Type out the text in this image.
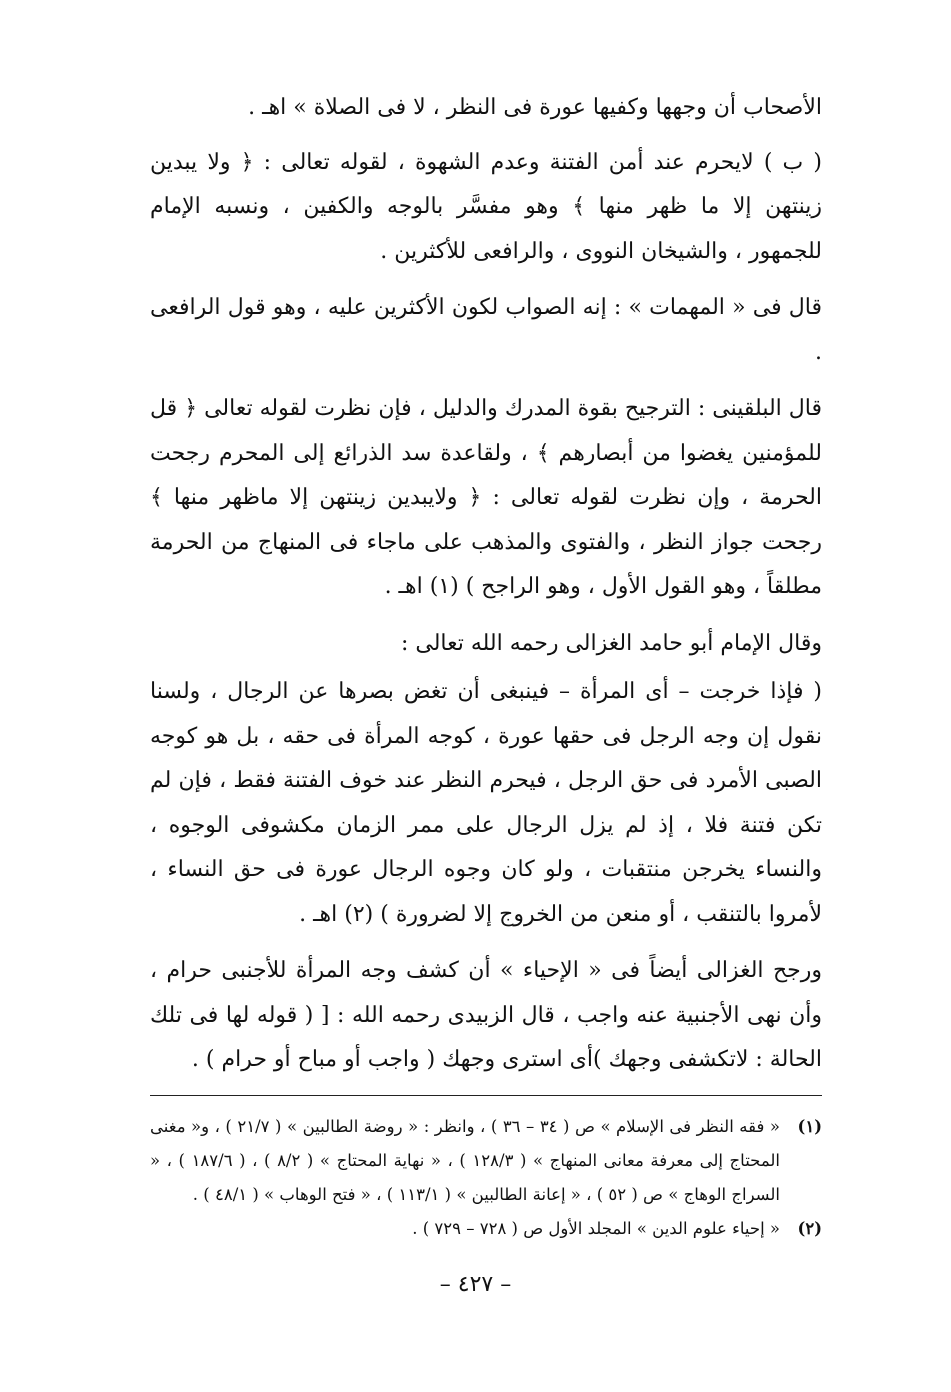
الأصحاب أن وجهها وكفيها عورة فى النظر ، لا فى الصلاة » اهـ .

( ب ) لايحرم عند أمن الفتنة وعدم الشهوة ، لقوله تعالى : ﴿ ولا يبدين زينتهن إلا ما ظهر منها ﴾ وهو مفسَّر بالوجه والكفين ، ونسبه الإمام للجمهور ، والشيخان النووى ، والرافعى للأكثرين .

قال فى « المهمات » : إنه الصواب لكون الأكثرين عليه ، وهو قول الرافعى .

قال البلقينى : الترجيح بقوة المدرك والدليل ، فإن نظرت لقوله تعالى ﴿ قل للمؤمنين يغضوا من أبصارهم ﴾ ، ولقاعدة سد الذرائع إلى المحرم رجحت الحرمة ، وإن نظرت لقوله تعالى : ﴿ ولايبدين زينتهن إلا ماظهر منها ﴾ رجحت جواز النظر ، والفتوى والمذهب على ماجاء فى المنهاج من الحرمة مطلقاً ، وهو القول الأول ، وهو الراجح ) (١) اهـ .

وقال الإمام أبو حامد الغزالى رحمه الله تعالى :

( فإذا خرجت – أى المرأة – فينبغى أن تغض بصرها عن الرجال ، ولسنا نقول إن وجه الرجل فى حقها عورة ، كوجه المرأة فى حقه ، بل هو كوجه الصبى الأمرد فى حق الرجل ، فيحرم النظر عند خوف الفتنة فقط ، فإن لم تكن فتنة فلا ، إذ لم يزل الرجال على ممر الزمان مكشوفى الوجوه ، والنساء يخرجن منتقبات ، ولو كان وجوه الرجال عورة فى حق النساء ، لأمروا بالتنقب ، أو منعن من الخروج إلا لضرورة ) (٢) اهـ .

ورجح الغزالى أيضاً فى « الإحياء » أن كشف وجه المرأة للأجنبى حرام ، وأن نهى الأجنبية عنه واجب ، قال الزبيدى رحمه الله : [ ( قوله لها فى تلك الحالة : لاتكشفى وجهك )أى استرى وجهك ( واجب أو مباح أو حرام ) .

(١)
« فقه النظر فى الإسلام » ص ( ٣٤ – ٣٦ ) ، وانظر : « روضة الطالبين » ( ٢١/٧ ) ، و« مغنى المحتاج إلى معرفة معانى المنهاج » ( ١٢٨/٣ ) ، « نهاية المحتاج » ( ٨/٢ ) ، ( ١٨٧/٦ ) ، « السراج الوهاج » ص ( ٥٢ ) ، « إعانة الطالبين » ( ١١٣/١ ) ، « فتح الوهاب » ( ٤٨/١ ) .
(٢)
« إحياء علوم الدين » المجلد الأول ص ( ٧٢٨ – ٧٢٩ ) .
– ٤٢٧ –
